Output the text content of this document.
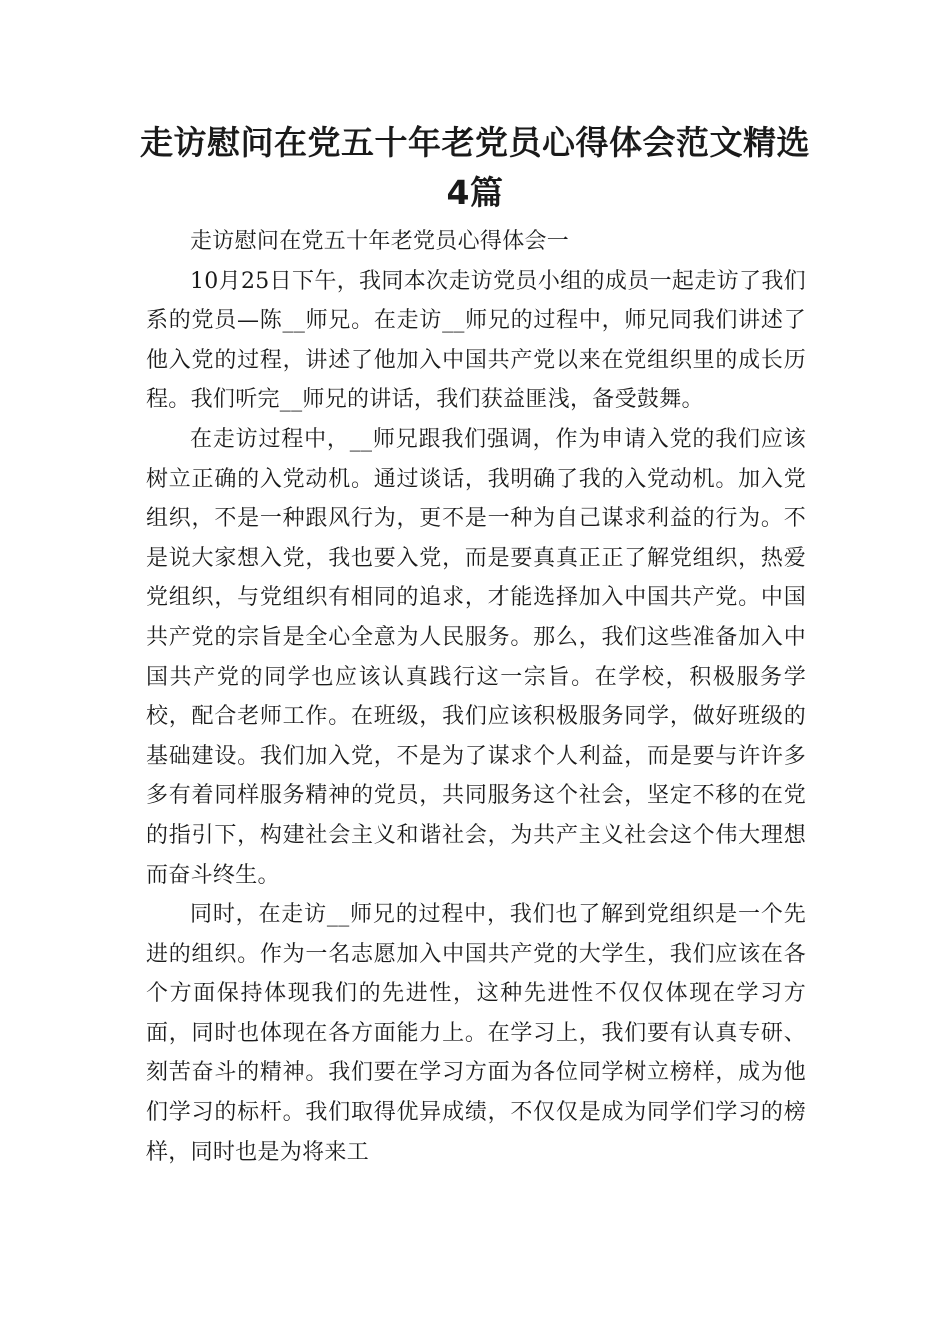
走访慰问在党五十年老党员心得体会范文精选4篇

走访慰问在党五十年老党员心得体会一

10月25日下午，我同本次走访党员小组的成员一起走访了我们系的党员—陈__师兄。在走访__师兄的过程中，师兄同我们讲述了他入党的过程，讲述了他加入中国共产党以来在党组织里的成长历程。我们听完__师兄的讲话，我们获益匪浅，备受鼓舞。

在走访过程中，__师兄跟我们强调，作为申请入党的我们应该树立正确的入党动机。通过谈话，我明确了我的入党动机。加入党组织，不是一种跟风行为，更不是一种为自己谋求利益的行为。不是说大家想入党，我也要入党，而是要真真正正了解党组织，热爱党组织，与党组织有相同的追求，才能选择加入中国共产党。中国共产党的宗旨是全心全意为人民服务。那么，我们这些准备加入中国共产党的同学也应该认真践行这一宗旨。在学校，积极服务学校，配合老师工作。在班级，我们应该积极服务同学，做好班级的基础建设。我们加入党，不是为了谋求个人利益，而是要与许许多多有着同样服务精神的党员，共同服务这个社会，坚定不移的在党的指引下，构建社会主义和谐社会，为共产主义社会这个伟大理想而奋斗终生。

同时，在走访__师兄的过程中，我们也了解到党组织是一个先进的组织。作为一名志愿加入中国共产党的大学生，我们应该在各个方面保持体现我们的先进性，这种先进性不仅仅体现在学习方面，同时也体现在各方面能力上。在学习上，我们要有认真专研、刻苦奋斗的精神。我们要在学习方面为各位同学树立榜样，成为他们学习的标杆。我们取得优异成绩，不仅仅是成为同学们学习的榜样，同时也是为将来工
